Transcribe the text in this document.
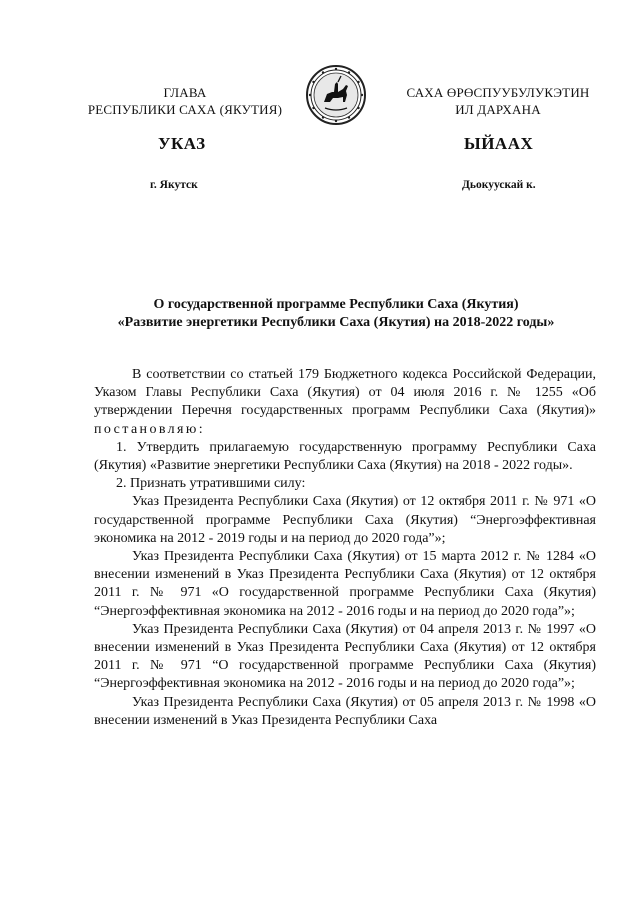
ГЛАВА
РЕСПУБЛИКИ САХА (ЯКУТИЯ)
САХА ӨРӨСПУУБУЛУКЭТИН
ИЛ ДАРХАНА
УКАЗ	ЫЙААХ
г. Якутск	Дьокуускай к.
О государственной программе Республики Саха (Якутия)
«Развитие энергетики Республики Саха (Якутия) на 2018-2022 годы»

В соответствии со статьей 179 Бюджетного кодекса Российской Федерации, Указом Главы Республики Саха (Якутия) от 04 июля 2016 г. № 1255 «Об утверждении Перечня государственных программ Республики Саха (Якутия)» постановляю:

1. Утвердить прилагаемую государственную программу Республики Саха (Якутия) «Развитие энергетики Республики Саха (Якутия) на 2018 - 2022 годы».

2. Признать утратившими силу:

Указ Президента Республики Саха (Якутия) от 12 октября 2011 г. № 971 «О государственной программе Республики Саха (Якутия) “Энергоэффективная экономика на 2012 - 2019 годы и на период до 2020 года”»;

Указ Президента Республики Саха (Якутия) от 15 марта 2012 г. № 1284 «О внесении изменений в Указ Президента Республики Саха (Якутия) от 12 октября 2011 г. № 971 «О государственной программе Республики Саха (Якутия) “Энергоэффективная экономика на 2012 - 2016 годы и на период до 2020 года”»;

Указ Президента Республики Саха (Якутия) от 04 апреля 2013 г. № 1997 «О внесении изменений в Указ Президента Республики Саха (Якутия) от 12 октября 2011 г. № 971 “О государственной программе Республики Саха (Якутия) “Энергоэффективная экономика на 2012 - 2016 годы и на период до 2020 года”»;

Указ Президента Республики Саха (Якутия) от 05 апреля 2013 г. № 1998 «О внесении изменений в Указ Президента Республики Саха
